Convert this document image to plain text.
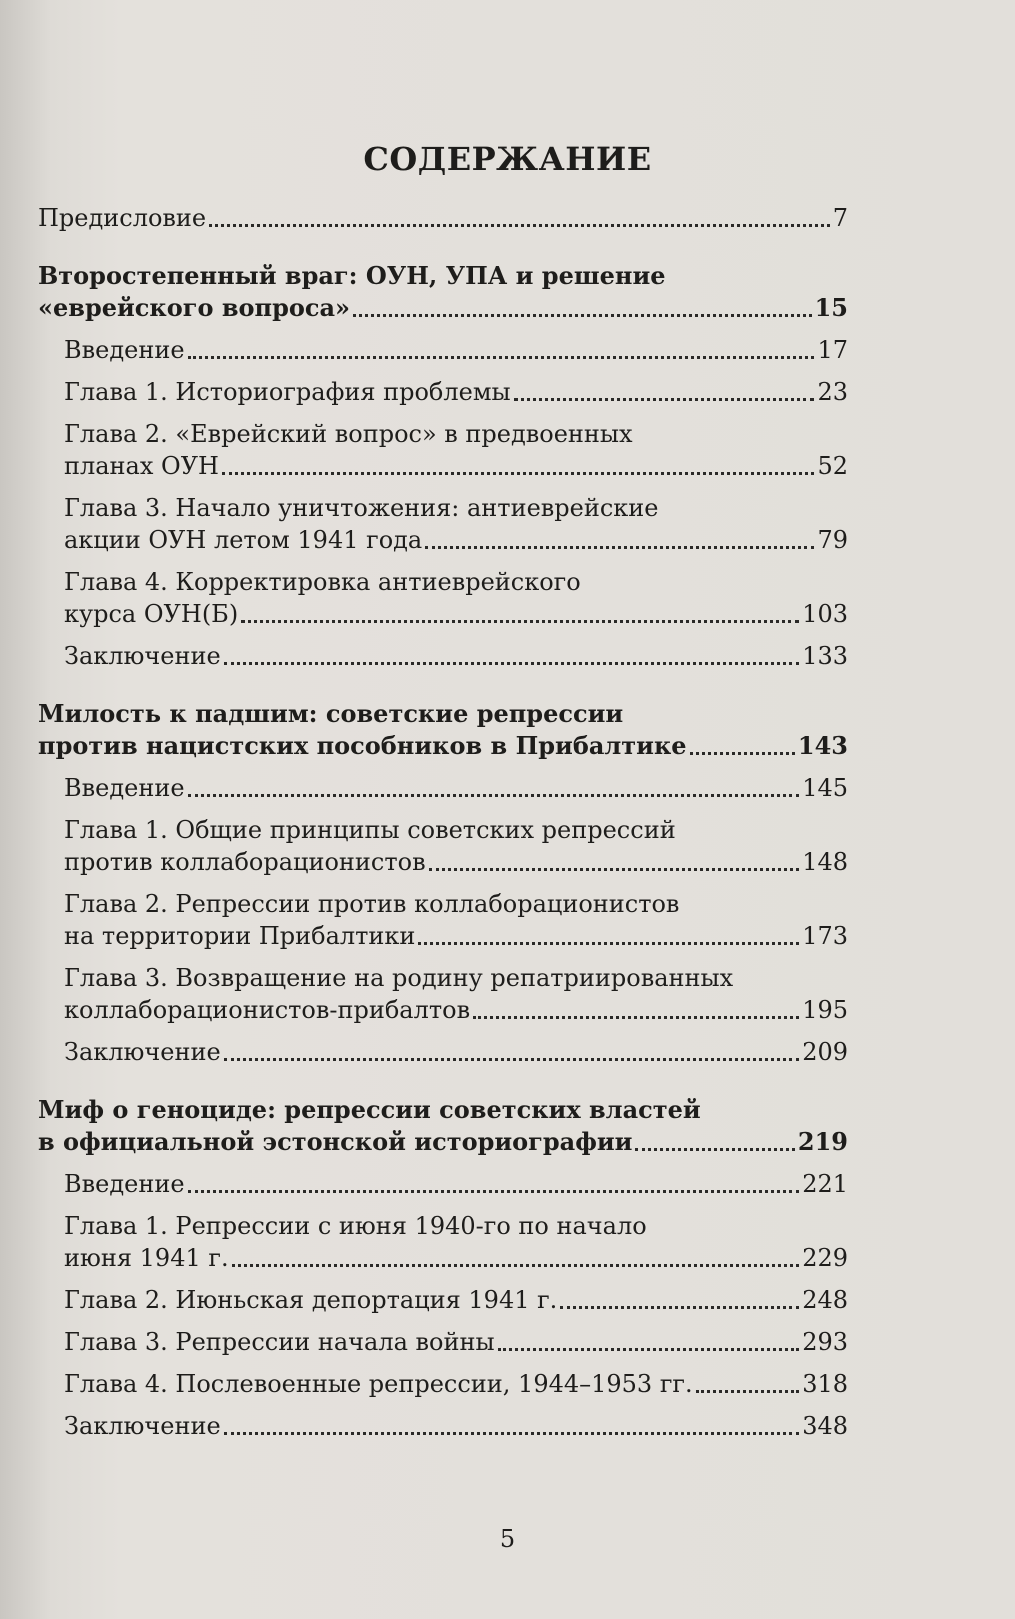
СОДЕРЖАНИЕ
Предисловие	7
Второстепенный враг: ОУН, УПА и решение
«еврейского вопроса»	15
Введение	17
Глава 1. Историография проблемы	23
Глава 2. «Еврейский вопрос» в предвоенных
планах ОУН	52
Глава 3. Начало уничтожения: антиеврейские
акции ОУН летом 1941 года	79
Глава 4. Корректировка антиеврейского
курса ОУН(Б)	103
Заключение	133
Милость к падшим: советские репрессии
против нацистских пособников в Прибалтике	143
Введение	145
Глава 1. Общие принципы советских репрессий
против коллаборационистов	148
Глава 2. Репрессии против коллаборационистов
на территории Прибалтики	173
Глава 3. Возвращение на родину репатриированных
коллаборационистов-прибалтов	195
Заключение	209
Миф о геноциде: репрессии советских властей
в официальной эстонской историографии	219
Введение	221
Глава 1. Репрессии с июня 1940-го по начало
июня 1941 г.	229
Глава 2. Июньская депортация 1941 г.	248
Глава 3. Репрессии начала войны	293
Глава 4. Послевоенные репрессии, 1944–1953 гг.	318
Заключение	348
5
